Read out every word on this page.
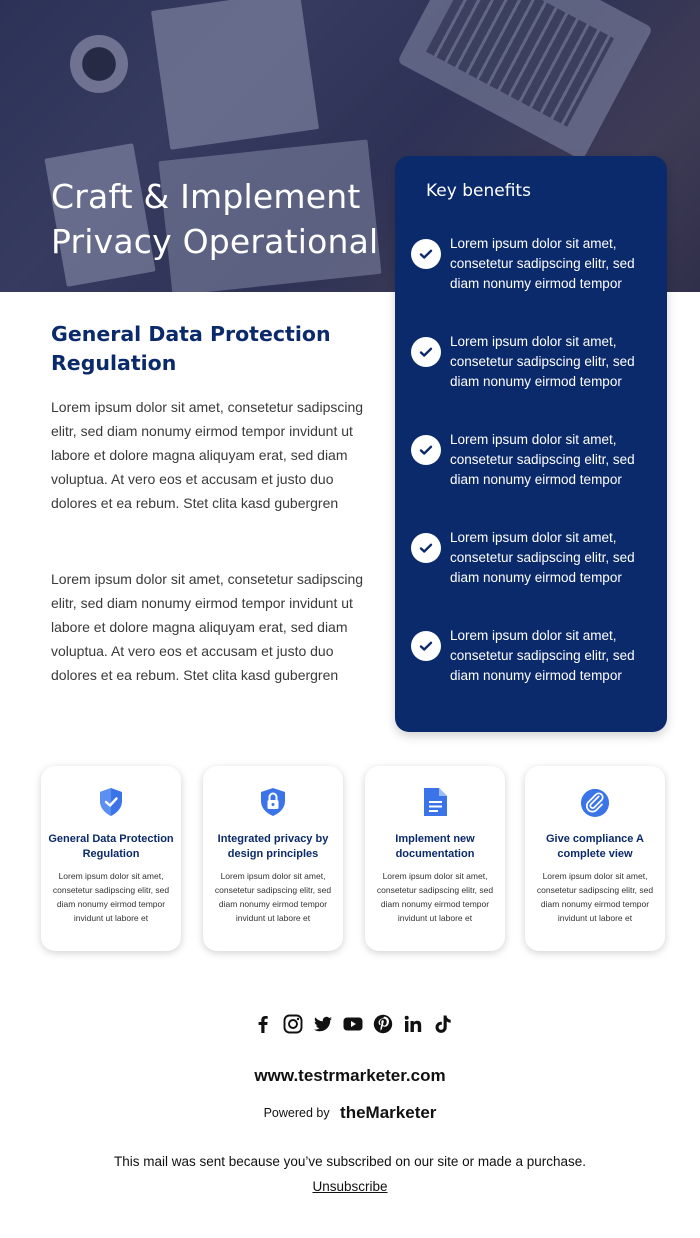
Craft & Implement Privacy Operational
General Data Protection Regulation

Lorem ipsum dolor sit amet, consetetur sadipscing elitr, sed diam nonumy eirmod tempor invidunt ut labore et dolore magna aliquyam erat, sed diam voluptua. At vero eos et accusam et justo duo dolores et ea rebum. Stet clita kasd gubergren

Lorem ipsum dolor sit amet, consetetur sadipscing elitr, sed diam nonumy eirmod tempor invidunt ut labore et dolore magna aliquyam erat, sed diam voluptua. At vero eos et accusam et justo duo dolores et ea rebum. Stet clita kasd gubergren

Key benefits
Lorem ipsum dolor sit amet, consetetur sadipscing elitr, sed diam nonumy eirmod tempor
Lorem ipsum dolor sit amet, consetetur sadipscing elitr, sed diam nonumy eirmod tempor
Lorem ipsum dolor sit amet, consetetur sadipscing elitr, sed diam nonumy eirmod tempor
Lorem ipsum dolor sit amet, consetetur sadipscing elitr, sed diam nonumy eirmod tempor
Lorem ipsum dolor sit amet, consetetur sadipscing elitr, sed diam nonumy eirmod tempor
General Data Protection Regulation
Lorem ipsum dolor sit amet, consetetur sadipscing elitr, sed diam nonumy eirmod tempor invidunt ut labore et
Integrated privacy by design principles
Lorem ipsum dolor sit amet, consetetur sadipscing elitr, sed diam nonumy eirmod tempor invidunt ut labore et
Implement new documentation
Lorem ipsum dolor sit amet, consetetur sadipscing elitr, sed diam nonumy eirmod tempor invidunt ut labore et
Give compliance A complete view
Lorem ipsum dolor sit amet, consetetur sadipscing elitr, sed diam nonumy eirmod tempor invidunt ut labore et
www.testrmarketer.com
Powered by theMarketer
This mail was sent because you’ve subscribed on our site or made a purchase.
Unsubscribe
